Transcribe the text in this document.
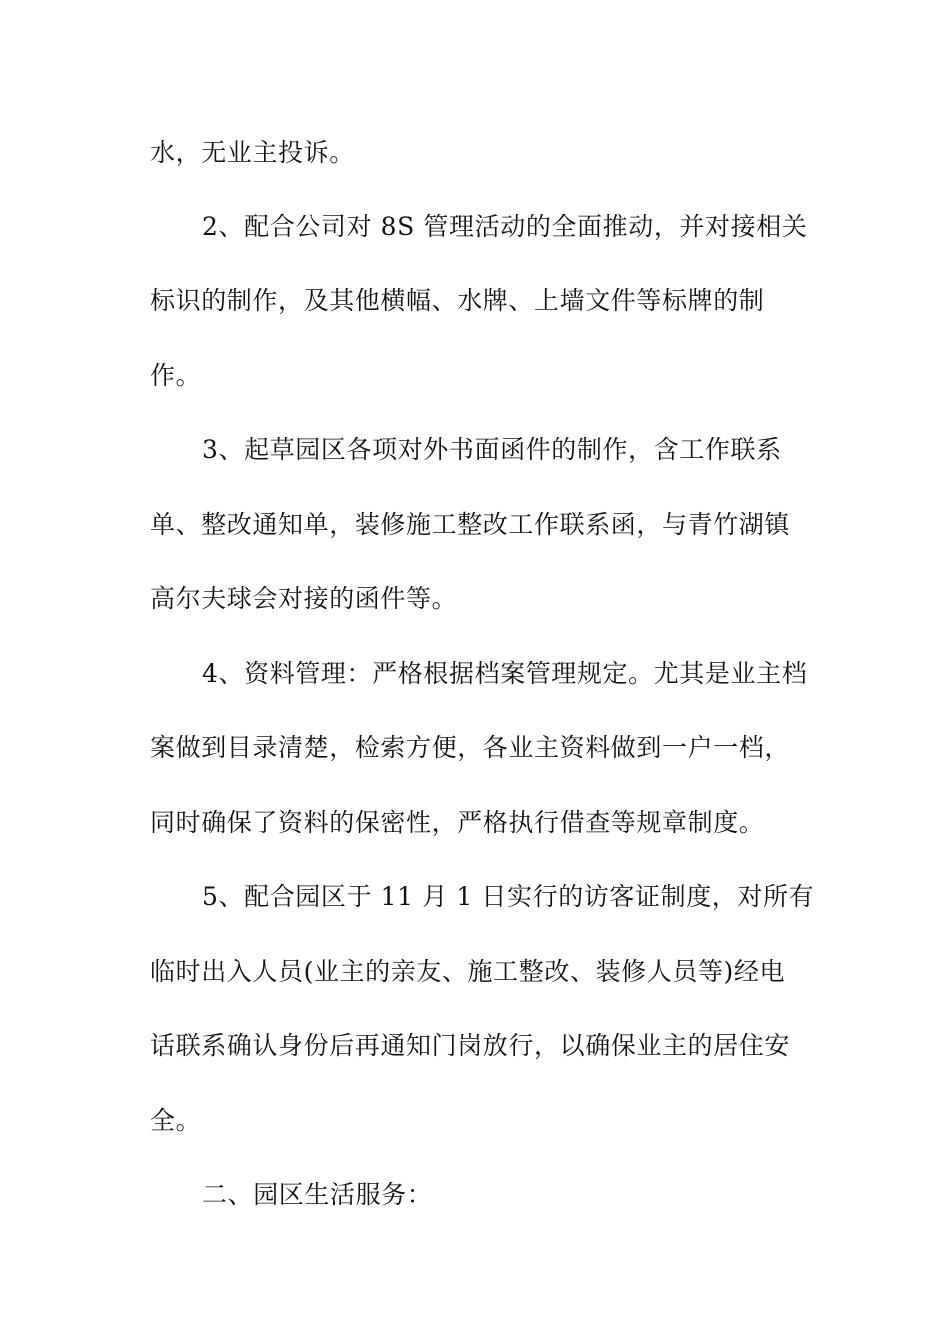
水，无业主投诉。
2、配合公司对 8S 管理活动的全面推动，并对接相关
标识的制作，及其他横幅、水牌、上墙文件等标牌的制
作。
3、起草园区各项对外书面函件的制作，含工作联系
单、整改通知单，装修施工整改工作联系函，与青竹湖镇
高尔夫球会对接的函件等。
4、资料管理：严格根据档案管理规定。尤其是业主档
案做到目录清楚，检索方便，各业主资料做到一户一档，
同时确保了资料的保密性，严格执行借查等规章制度。
5、配合园区于 11 月 1 日实行的访客证制度，对所有
临时出入人员(业主的亲友、施工整改、装修人员等)经电
话联系确认身份后再通知门岗放行，以确保业主的居住安
全。
二、园区生活服务：
